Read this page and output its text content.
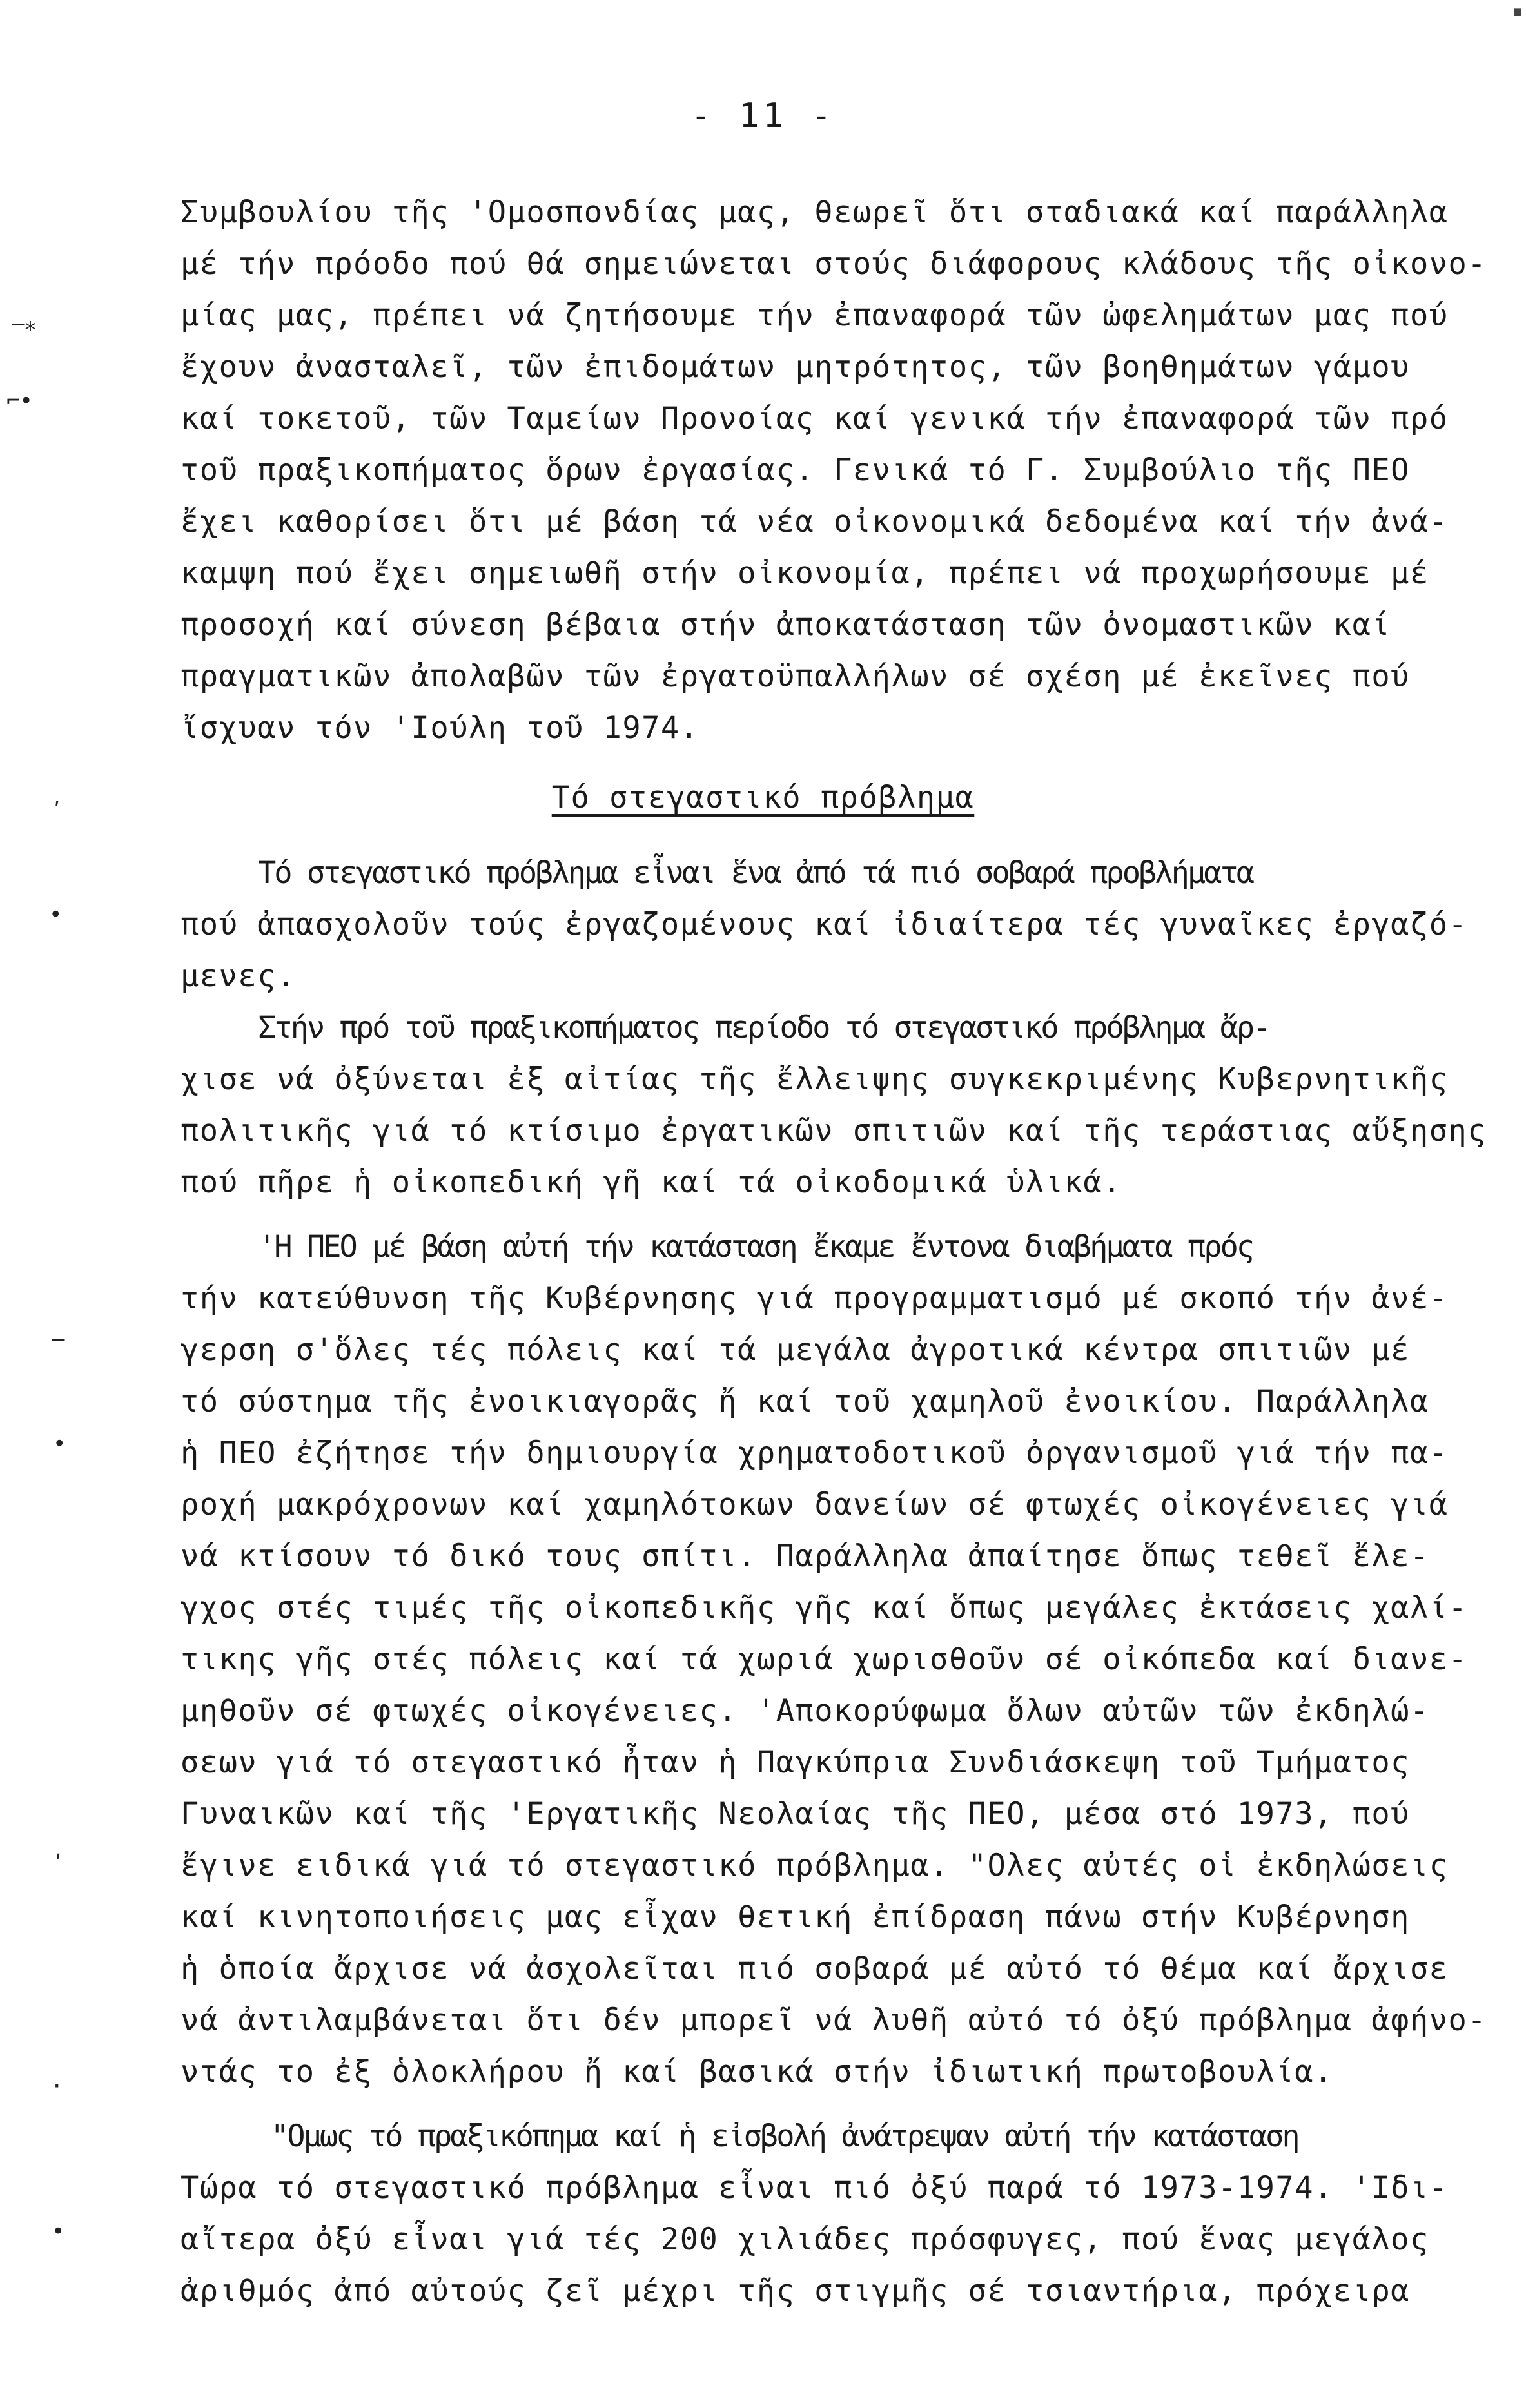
▪
–⁎
⌐•
ʹ
•
–
•
ʹ
·
•
- 11 -
Συμβουλίου τῆς 'Ομοσπονδίας μας, θεωρεῖ ὅτι σταδιακά καί παράλληλα
μέ τήν πρόοδο πού θά σημειώνεται στούς διάφορους κλάδους τῆς οἰκονο-
μίας μας, πρέπει νά ζητήσουμε τήν ἐπαναφορά τῶν ὠφελημάτων μας πού
ἔχουν ἀνασταλεῖ, τῶν ἐπιδομάτων μητρότητος, τῶν βοηθημάτων γάμου
καί τοκετοῦ, τῶν Ταμείων Προνοίας καί γενικά τήν ἐπαναφορά τῶν πρό
τοῦ πραξικοπήματος ὅρων ἐργασίας. Γενικά τό Γ. Συμβούλιο τῆς ΠΕΟ
ἔχει καθορίσει ὅτι μέ βάση τά νέα οἰκονομικά δεδομένα καί τήν ἀνά-
καμψη πού ἔχει σημειωθῆ στήν οἰκονομία, πρέπει νά προχωρήσουμε μέ
προσοχή καί σύνεση βέβαια στήν ἀποκατάσταση τῶν ὀνομαστικῶν καί
πραγματικῶν ἀπολαβῶν τῶν ἐργατοϋπαλλήλων σέ σχέση μέ ἐκεῖνες πού
ἴσχυαν τόν 'Ιούλη τοῦ 1974.
Τό στεγαστικό πρόβλημα
Τό στεγαστικό πρόβλημα εἶναι ἕνα ἀπό τά πιό σοβαρά προβλήματα
πού ἀπασχολοῦν τούς ἐργαζομένους καί ἰδιαίτερα τές γυναῖκες ἐργαζό-
μενες.
Στήν πρό τοῦ πραξικοπήματος περίοδο τό στεγαστικό πρόβλημα ἄρ-
χισε νά ὀξύνεται ἐξ αἰτίας τῆς ἔλλειψης συγκεκριμένης Κυβερνητικῆς
πολιτικῆς γιά τό κτίσιμο ἐργατικῶν σπιτιῶν καί τῆς τεράστιας αὔξησης
πού πῆρε ἡ οἰκοπεδική γῆ καί τά οἰκοδομικά ὑλικά.
'Η ΠΕΟ μέ βάση αὐτή τήν κατάσταση ἔκαμε ἔντονα διαβήματα πρός
τήν κατεύθυνση τῆς Κυβέρνησης γιά προγραμματισμό μέ σκοπό τήν ἀνέ-
γερση σ'ὅλες τές πόλεις καί τά μεγάλα ἀγροτικά κέντρα σπιτιῶν μέ
τό σύστημα τῆς ἐνοικιαγορᾶς ἤ καί τοῦ χαμηλοῦ ἐνοικίου. Παράλληλα
ἡ ΠΕΟ ἐζήτησε τήν δημιουργία χρηματοδοτικοῦ ὀργανισμοῦ γιά τήν πα-
ροχή μακρόχρονων καί χαμηλότοκων δανείων σέ φτωχές οἰκογένειες γιά
νά κτίσουν τό δικό τους σπίτι. Παράλληλα ἀπαίτησε ὅπως τεθεῖ ἔλε-
γχος στές τιμές τῆς οἰκοπεδικῆς γῆς καί ὅπως μεγάλες ἐκτάσεις χαλί-
τικης γῆς στές πόλεις καί τά χωριά χωρισθοῦν σέ οἰκόπεδα καί διανε-
μηθοῦν σέ φτωχές οἰκογένειες. 'Αποκορύφωμα ὅλων αὐτῶν τῶν ἐκδηλώ-
σεων γιά τό στεγαστικό ἦταν ἡ Παγκύπρια Συνδιάσκεψη τοῦ Τμήματος
Γυναικῶν καί τῆς 'Εργατικῆς Νεολαίας τῆς ΠΕΟ, μέσα στό 1973, πού
ἔγινε ειδικά γιά τό στεγαστικό πρόβλημα. "Ολες αὐτές οἱ ἐκδηλώσεις
καί κινητοποιήσεις μας εἶχαν θετική ἐπίδραση πάνω στήν Κυβέρνηση
ἡ ὁποία ἄρχισε νά ἀσχολεῖται πιό σοβαρά μέ αὐτό τό θέμα καί ἄρχισε
νά ἀντιλαμβάνεται ὅτι δέν μπορεῖ νά λυθῆ αὐτό τό ὀξύ πρόβλημα ἀφήνο-
ντάς το ἐξ ὁλοκλήρου ἤ καί βασικά στήν ἰδιωτική πρωτοβουλία.
"Ομως τό πραξικόπημα καί ἡ εἰσβολή ἀνάτρεψαν αὐτή τήν κατάσταση
Τώρα τό στεγαστικό πρόβλημα εἶναι πιό ὀξύ παρά τό 1973-1974. 'Ιδι-
αἴτερα ὀξύ εἶναι γιά τές 200 χιλιάδες πρόσφυγες, πού ἕνας μεγάλος
ἀριθμός ἀπό αὐτούς ζεῖ μέχρι τῆς στιγμῆς σέ τσιαντήρια, πρόχειρα
